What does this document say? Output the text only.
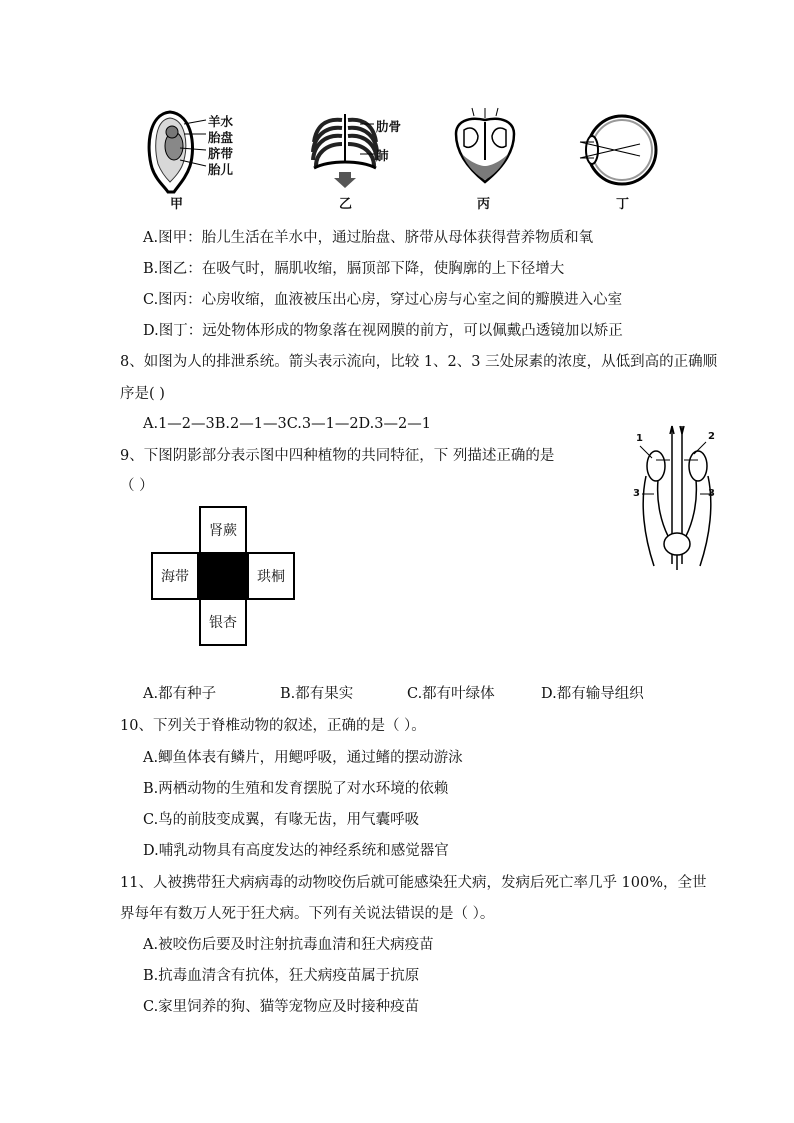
羊水
胎盘
脐带
胎儿
甲
肋骨
肺
乙	丙	丁
A.图甲：胎儿生活在羊水中，通过胎盘、脐带从母体获得营养物质和氧
B.图乙：在吸气时，膈肌收缩，膈顶部下降，使胸廓的上下径增大
C.图丙：心房收缩，血液被压出心房，穿过心房与心室之间的瓣膜进入心室
D.图丁：远处物体形成的物象落在视网膜的前方，可以佩戴凸透镜加以矫正
8、如图为人的排泄系统。箭头表示流向，比较 1、2、3 三处尿素的浓度，从低到高的正确顺
序是( )
A.1—2—3B.2—1—3C.3—1—2D.3—2—1
1	2
3	3
9、下图阴影部分表示图中四种植物的共同特征，下 列描述正确的是
（ ）
肾蕨
海带	珙桐
银杏
A.都有种子	B.都有果实	C.都有叶绿体	D.都有输导组织
10、下列关于脊椎动物的叙述，正确的是（ ）。
A.鲫鱼体表有鳞片，用鳃呼吸，通过鳍的摆动游泳
B.两栖动物的生殖和发育摆脱了对水环境的依赖
C.鸟的前肢变成翼，有喙无齿，用气囊呼吸
D.哺乳动物具有高度发达的神经系统和感觉器官
11、人被携带狂犬病病毒的动物咬伤后就可能感染狂犬病，发病后死亡率几乎 100%，全世
界每年有数万人死于狂犬病。下列有关说法错误的是（ ）。
A.被咬伤后要及时注射抗毒血清和狂犬病疫苗
B.抗毒血清含有抗体，狂犬病疫苗属于抗原
C.家里饲养的狗、猫等宠物应及时接种疫苗
